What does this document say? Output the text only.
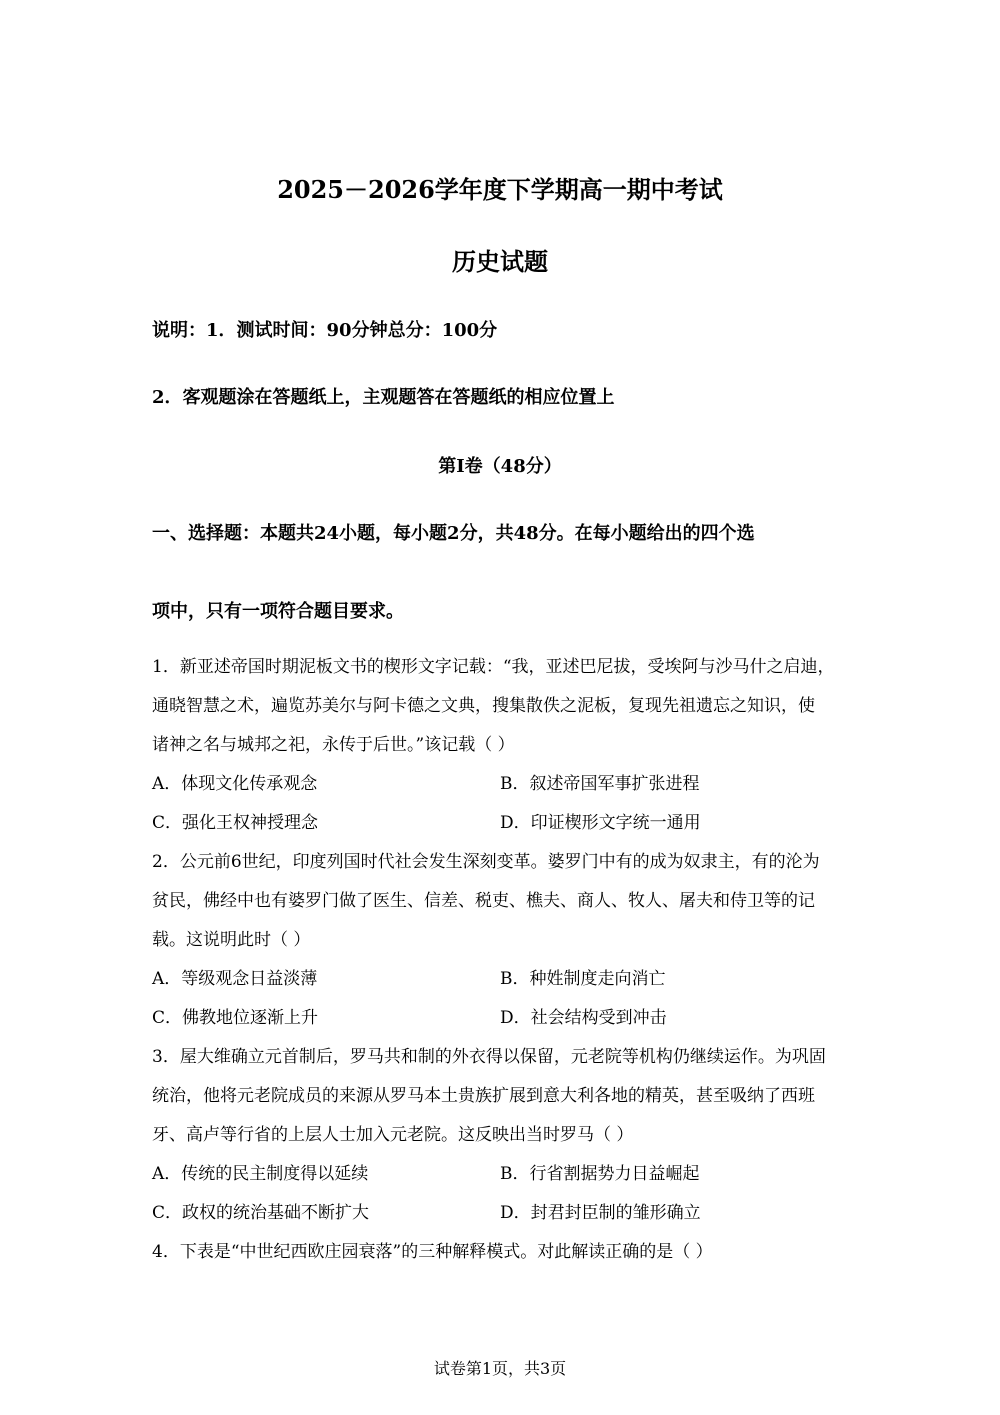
2025－2026学年度下学期高一期中考试
历史试题
说明：1．测试时间：90分钟总分：100分
2．客观题涂在答题纸上，主观题答在答题纸的相应位置上
第Ⅰ卷（48分）
一、选择题：本题共24小题，每小题2分，共48分。在每小题给出的四个选
项中，只有一项符合题目要求。
1．新亚述帝国时期泥板文书的楔形文字记载：“我，亚述巴尼拔，受埃阿与沙马什之启迪，
通晓智慧之术，遍览苏美尔与阿卡德之文典，搜集散佚之泥板，复现先祖遗忘之知识，使
诸神之名与城邦之祀，永传于后世。”该记载（ ）
A．体现文化传承观念	B．叙述帝国军事扩张进程
C．强化王权神授理念	D．印证楔形文字统一通用
2．公元前6世纪，印度列国时代社会发生深刻变革。婆罗门中有的成为奴隶主，有的沦为
贫民，佛经中也有婆罗门做了医生、信差、税吏、樵夫、商人、牧人、屠夫和侍卫等的记
载。这说明此时（ ）
A．等级观念日益淡薄	B．种姓制度走向消亡
C．佛教地位逐渐上升	D．社会结构受到冲击
3．屋大维确立元首制后，罗马共和制的外衣得以保留，元老院等机构仍继续运作。为巩固
统治，他将元老院成员的来源从罗马本土贵族扩展到意大利各地的精英，甚至吸纳了西班
牙、高卢等行省的上层人士加入元老院。这反映出当时罗马（ ）
A．传统的民主制度得以延续	B．行省割据势力日益崛起
C．政权的统治基础不断扩大	D．封君封臣制的雏形确立
4．下表是“中世纪西欧庄园衰落”的三种解释模式。对此解读正确的是（ ）
试卷第1页，共3页
